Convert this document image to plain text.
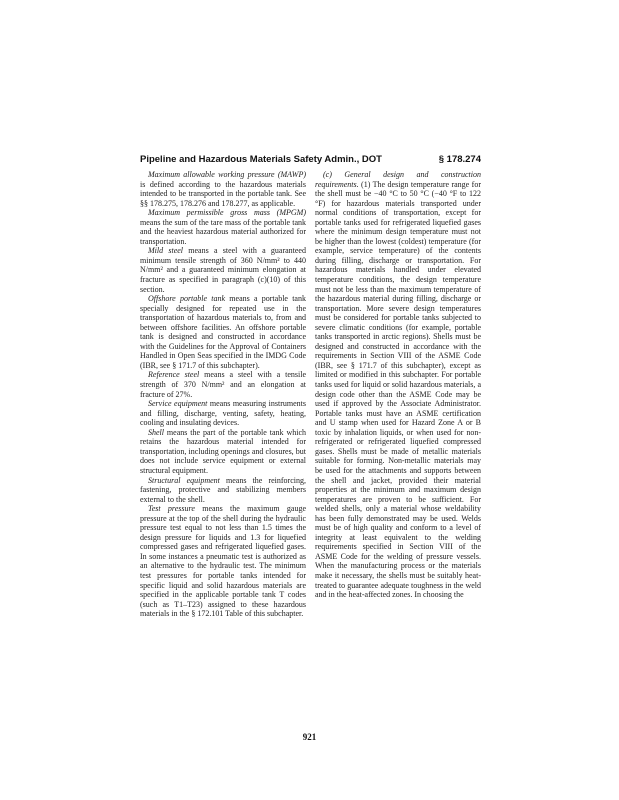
Pipeline and Hazardous Materials Safety Admin., DOT	§ 178.274

Maximum allowable working pressure (MAWP) is defined according to the hazardous materials intended to be transported in the portable tank. See §§ 178.275, 178.276 and 178.277, as applicable.

Maximum permissible gross mass (MPGM) means the sum of the tare mass of the portable tank and the heaviest hazardous material authorized for transportation.

Mild steel means a steel with a guaranteed minimum tensile strength of 360 N/mm² to 440 N/mm² and a guaranteed minimum elongation at fracture as specified in paragraph (c)(10) of this section.

Offshore portable tank means a portable tank specially designed for repeated use in the transportation of hazardous materials to, from and between offshore facilities. An offshore portable tank is designed and constructed in accordance with the Guidelines for the Approval of Containers Handled in Open Seas specified in the IMDG Code (IBR, see § 171.7 of this subchapter).

Reference steel means a steel with a tensile strength of 370 N/mm² and an elongation at fracture of 27%.

Service equipment means measuring instruments and filling, discharge, venting, safety, heating, cooling and insulating devices.

Shell means the part of the portable tank which retains the hazardous material intended for transportation, including openings and closures, but does not include service equipment or external structural equipment.

Structural equipment means the reinforcing, fastening, protective and stabilizing members external to the shell.

Test pressure means the maximum gauge pressure at the top of the shell during the hydraulic pressure test equal to not less than 1.5 times the design pressure for liquids and 1.3 for liquefied compressed gases and refrigerated liquefied gases. In some instances a pneumatic test is authorized as an alternative to the hydraulic test. The minimum test pressures for portable tanks intended for specific liquid and solid hazardous materials are specified in the applicable portable tank T codes (such as T1–T23) assigned to these hazardous materials in the § 172.101 Table of this subchapter.

(c) General design and construction requirements. (1) The design temperature range for the shell must be −40 °C to 50 °C (−40 °F to 122 °F) for hazardous materials transported under normal conditions of transportation, except for portable tanks used for refrigerated liquefied gases where the minimum design temperature must not be higher than the lowest (coldest) temperature (for example, service temperature) of the contents during filling, discharge or transportation. For hazardous materials handled under elevated temperature conditions, the design temperature must not be less than the maximum temperature of the hazardous material during filling, discharge or transportation. More severe design temperatures must be considered for portable tanks subjected to severe climatic conditions (for example, portable tanks transported in arctic regions). Shells must be designed and constructed in accordance with the requirements in Section VIII of the ASME Code (IBR, see § 171.7 of this subchapter), except as limited or modified in this subchapter. For portable tanks used for liquid or solid hazardous materials, a design code other than the ASME Code may be used if approved by the Associate Administrator. Portable tanks must have an ASME certification and U stamp when used for Hazard Zone A or B toxic by inhalation liquids, or when used for non-refrigerated or refrigerated liquefied compressed gases. Shells must be made of metallic materials suitable for forming. Non-metallic materials may be used for the attachments and supports between the shell and jacket, provided their material properties at the minimum and maximum design temperatures are proven to be sufficient. For welded shells, only a material whose weldability has been fully demonstrated may be used. Welds must be of high quality and conform to a level of integrity at least equivalent to the welding requirements specified in Section VIII of the ASME Code for the welding of pressure vessels. When the manufacturing process or the materials make it necessary, the shells must be suitably heat-treated to guarantee adequate toughness in the weld and in the heat-affected zones. In choosing the

921
